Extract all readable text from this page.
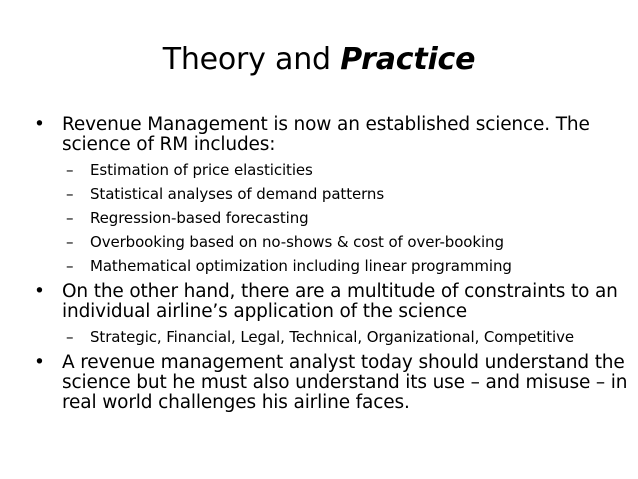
Theory and Practice
• Revenue Management is now an established science. The science of RM includes:
– Estimation of price elasticities
– Statistical analyses of demand patterns
– Regression-based forecasting
– Overbooking based on no-shows & cost of over-booking
– Mathematical optimization including linear programming
• On the other hand, there are a multitude of constraints to an individual airline’s application of the science
– Strategic, Financial, Legal, Technical, Organizational, Competitive
• A revenue management analyst today should understand the science but he must also understand its use – and misuse – in real world challenges his airline faces.
